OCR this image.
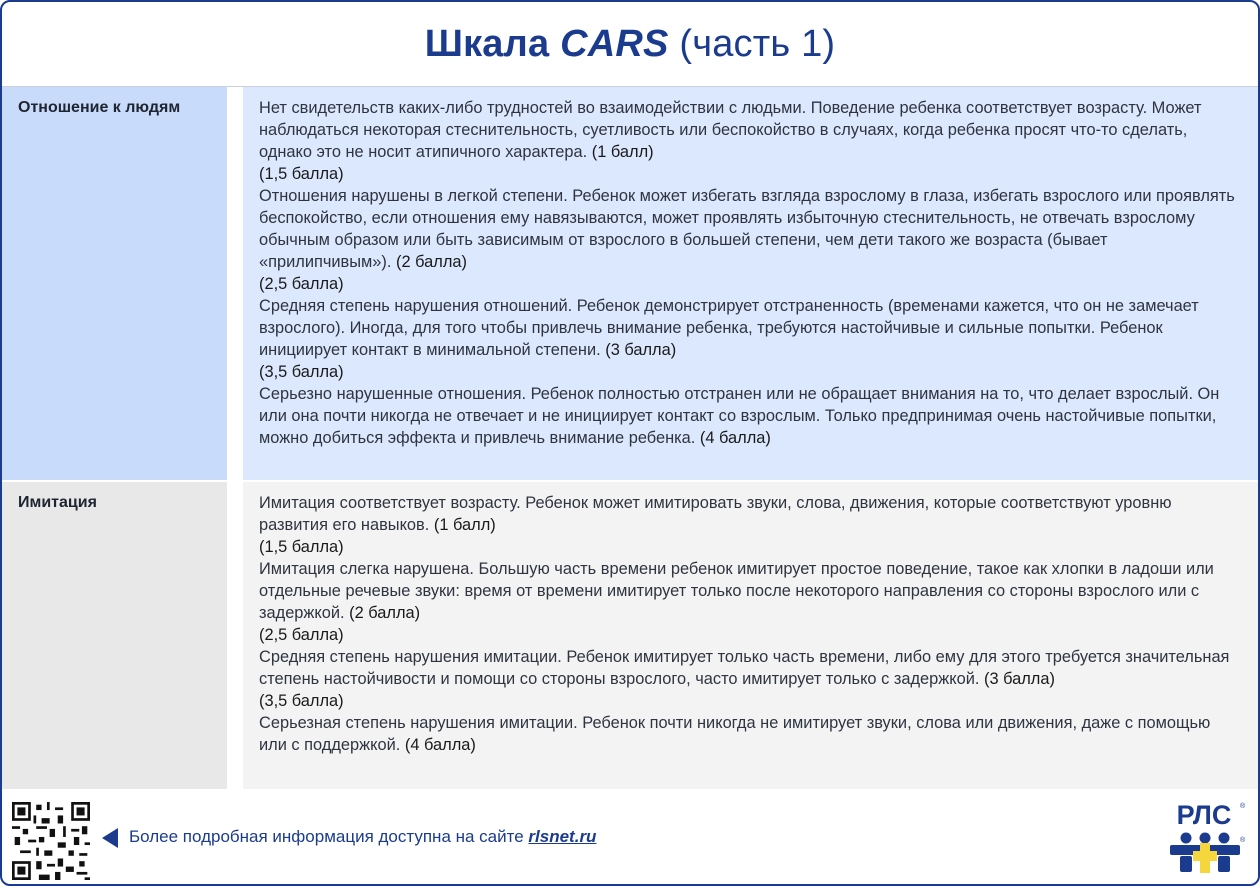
Шкала CARS (часть 1)
Отношение к людям	Нет свидетельств каких-либо трудностей во взаимодействии с людьми. Поведение ребенка соответствует возрасту. Может наблюдаться некоторая стеснительность, суетливость или беспокойство в случаях, когда ребенка просят что-то сделать, однако это не носит атипичного характера. (1 балл)
(1,5 балла)
Отношения нарушены в легкой степени. Ребенок может избегать взгляда взрослому в глаза, избегать взрослого или проявлять беспокойство, если отношения ему навязываются, может проявлять избыточную стеснительность, не отвечать взрослому обычным образом или быть зависимым от взрослого в большей степени, чем дети такого же возраста (бывает «прилипчивым»). (2 балла)
(2,5 балла)
Средняя степень нарушения отношений. Ребенок демонстрирует отстраненность (временами кажется, что он не замечает взрослого). Иногда, для того чтобы привлечь внимание ребенка, требуются настойчивые и сильные попытки. Ребенок инициирует контакт в минимальной степени. (3 балла)
(3,5 балла)
Серьезно нарушенные отношения. Ребенок полностью отстранен или не обращает внимания на то, что делает взрослый. Он или она почти никогда не отвечает и не инициирует контакт со взрослым. Только предпринимая очень настойчивые попытки, можно добиться эффекта и привлечь внимание ребенка. (4 балла)
Имитация	Имитация соответствует возрасту. Ребенок может имитировать звуки, слова, движения, которые соответствуют уровню развития его навыков. (1 балл)
(1,5 балла)
Имитация слегка нарушена. Большую часть времени ребенок имитирует простое поведение, такое как хлопки в ладоши или отдельные речевые звуки: время от времени имитирует только после некоторого направления со стороны взрослого или с задержкой. (2 балла)
(2,5 балла)
Средняя степень нарушения имитации. Ребенок имитирует только часть времени, либо ему для этого требуется значительная степень настойчивости и помощи со стороны взрослого, часто имитирует только с задержкой. (3 балла)
(3,5 балла)
Серьезная степень нарушения имитации. Ребенок почти никогда не имитирует звуки, слова или движения, даже с помощью или с поддержкой. (4 балла)
Более подробная информация доступна на сайте rlsnet.ru
РЛС ®
®
